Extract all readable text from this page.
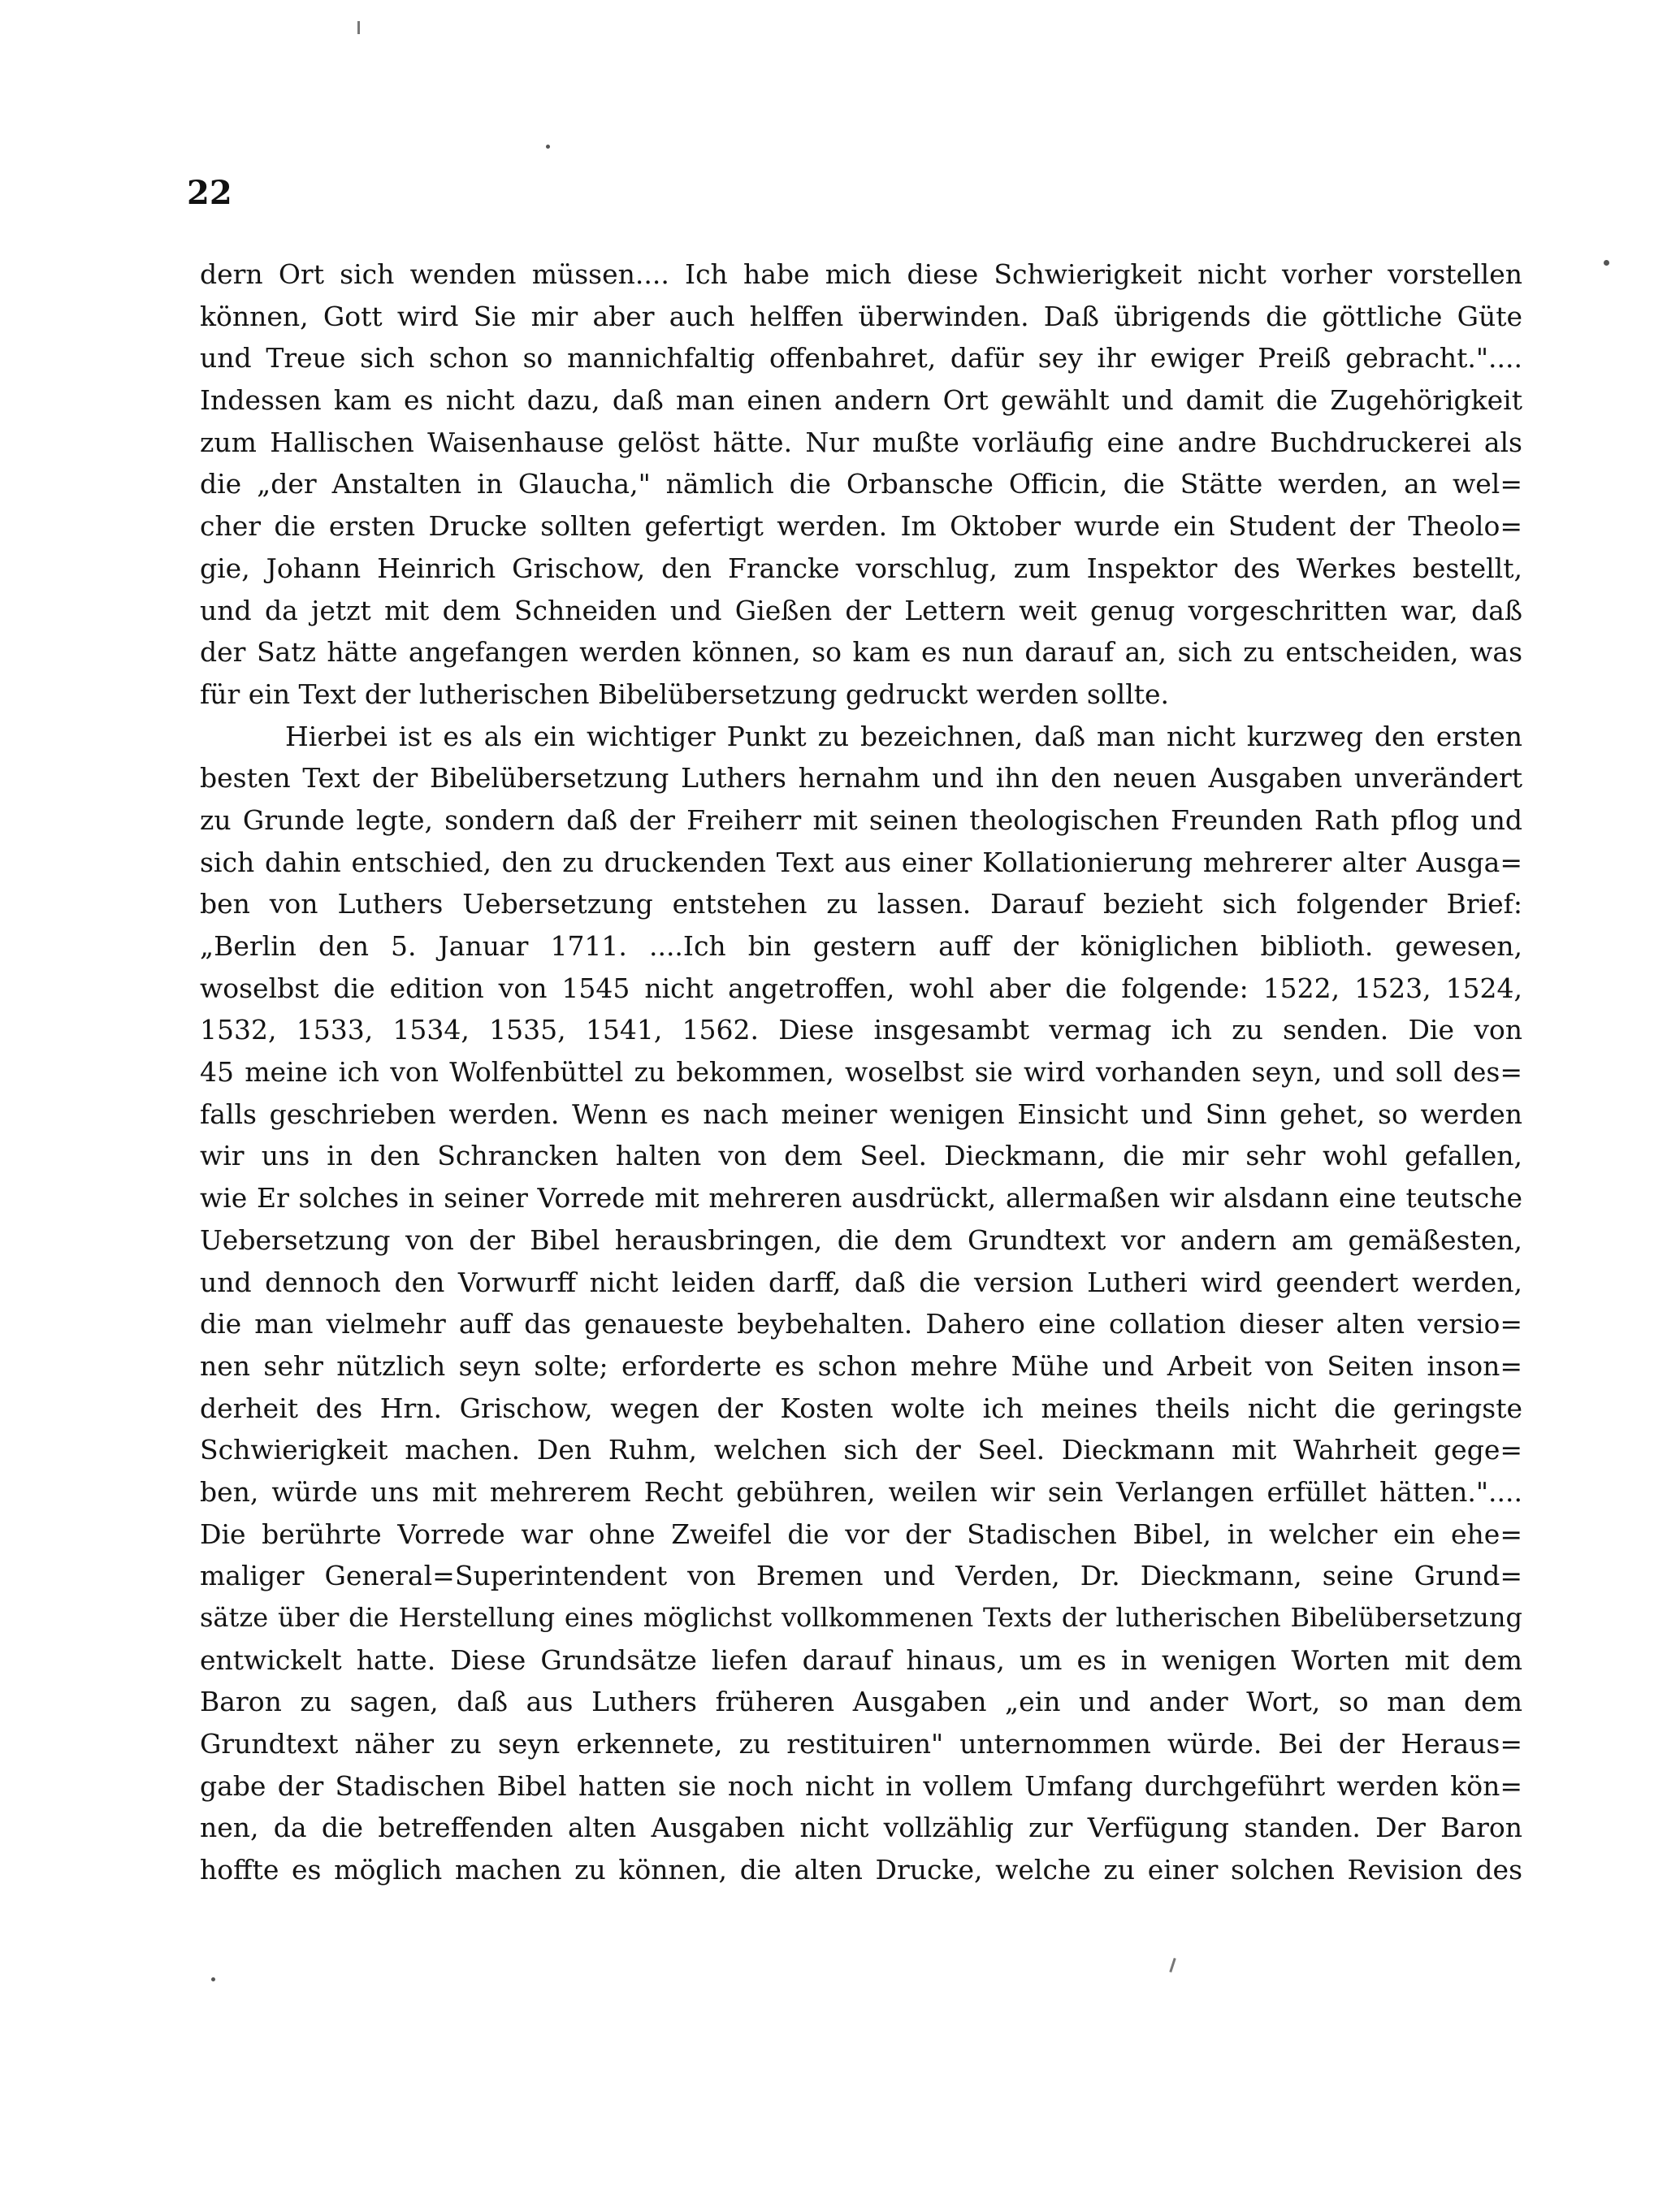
22
dern Ort sich wenden müssen.... Ich habe mich diese Schwierigkeit nicht vorher vorstellen
können, Gott wird Sie mir aber auch helffen überwinden. Daß übrigends die göttliche Güte
und Treue sich schon so mannichfaltig offenbahret, dafür sey ihr ewiger Preiß gebracht."....
Indessen kam es nicht dazu, daß man einen andern Ort gewählt und damit die Zugehörigkeit
zum Hallischen Waisenhause gelöst hätte. Nur mußte vorläufig eine andre Buchdruckerei als
die „der Anstalten in Glaucha," nämlich die Orbansche Officin, die Stätte werden, an wel=
cher die ersten Drucke sollten gefertigt werden. Im Oktober wurde ein Student der Theolo=
gie, Johann Heinrich Grischow, den Francke vorschlug, zum Inspektor des Werkes bestellt,
und da jetzt mit dem Schneiden und Gießen der Lettern weit genug vorgeschritten war, daß
der Satz hätte angefangen werden können, so kam es nun darauf an, sich zu entscheiden, was
für ein Text der lutherischen Bibelübersetzung gedruckt werden sollte.
Hierbei ist es als ein wichtiger Punkt zu bezeichnen, daß man nicht kurzweg den ersten
besten Text der Bibelübersetzung Luthers hernahm und ihn den neuen Ausgaben unverändert
zu Grunde legte, sondern daß der Freiherr mit seinen theologischen Freunden Rath pflog und
sich dahin entschied, den zu druckenden Text aus einer Kollationierung mehrerer alter Ausga=
ben von Luthers Uebersetzung entstehen zu lassen. Darauf bezieht sich folgender Brief:
„Berlin den 5. Januar 1711. ....Ich bin gestern auff der königlichen biblioth. gewesen,
woselbst die edition von 1545 nicht angetroffen, wohl aber die folgende: 1522, 1523, 1524,
1532, 1533, 1534, 1535, 1541, 1562. Diese insgesambt vermag ich zu senden. Die von
45 meine ich von Wolfenbüttel zu bekommen, woselbst sie wird vorhanden seyn, und soll des=
falls geschrieben werden. Wenn es nach meiner wenigen Einsicht und Sinn gehet, so werden
wir uns in den Schrancken halten von dem Seel. Dieckmann, die mir sehr wohl gefallen,
wie Er solches in seiner Vorrede mit mehreren ausdrückt, allermaßen wir alsdann eine teutsche
Uebersetzung von der Bibel herausbringen, die dem Grundtext vor andern am gemäßesten,
und dennoch den Vorwurff nicht leiden darff, daß die version Lutheri wird geendert werden,
die man vielmehr auff das genaueste beybehalten. Dahero eine collation dieser alten versio=
nen sehr nützlich seyn solte; erforderte es schon mehre Mühe und Arbeit von Seiten inson=
derheit des Hrn. Grischow, wegen der Kosten wolte ich meines theils nicht die geringste
Schwierigkeit machen. Den Ruhm, welchen sich der Seel. Dieckmann mit Wahrheit gege=
ben, würde uns mit mehrerem Recht gebühren, weilen wir sein Verlangen erfüllet hätten."....
Die berührte Vorrede war ohne Zweifel die vor der Stadischen Bibel, in welcher ein ehe=
maliger General=Superintendent von Bremen und Verden, Dr. Dieckmann, seine Grund=
sätze über die Herstellung eines möglichst vollkommenen Texts der lutherischen Bibelübersetzung
entwickelt hatte. Diese Grundsätze liefen darauf hinaus, um es in wenigen Worten mit dem
Baron zu sagen, daß aus Luthers früheren Ausgaben „ein und ander Wort, so man dem
Grundtext näher zu seyn erkennete, zu restituiren" unternommen würde. Bei der Heraus=
gabe der Stadischen Bibel hatten sie noch nicht in vollem Umfang durchgeführt werden kön=
nen, da die betreffenden alten Ausgaben nicht vollzählig zur Verfügung standen. Der Baron
hoffte es möglich machen zu können, die alten Drucke, welche zu einer solchen Revision des
